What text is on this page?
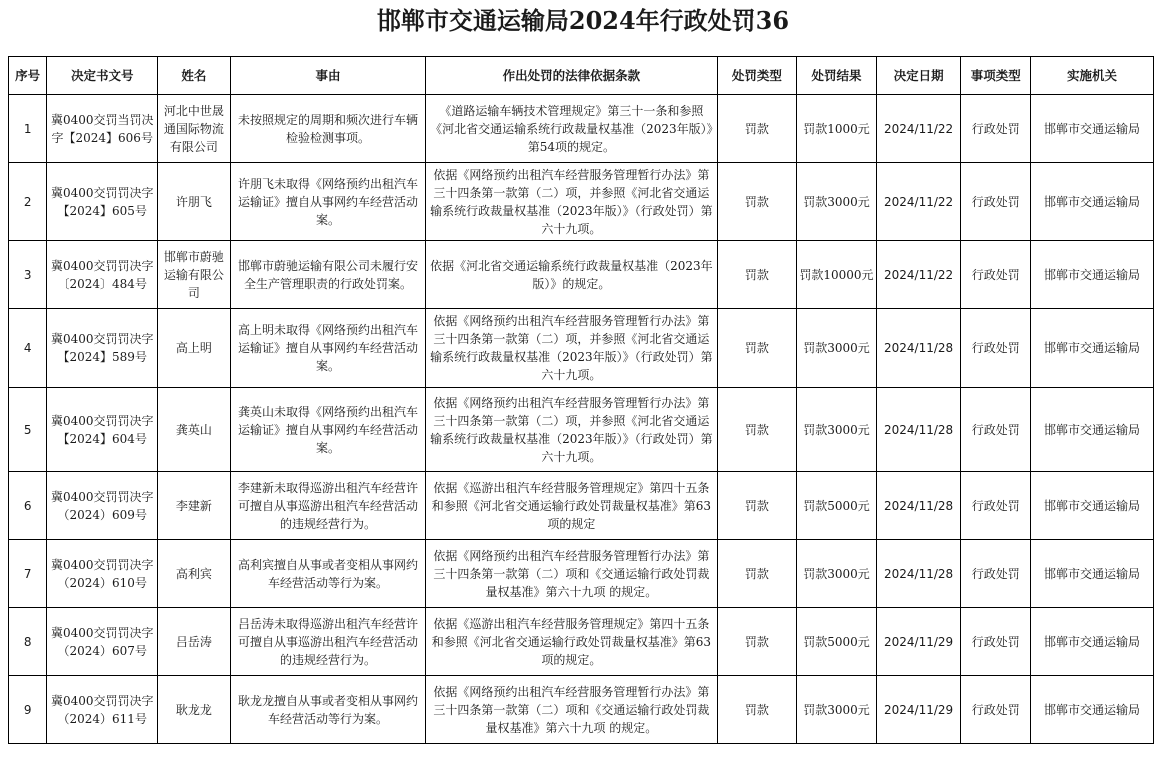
邯郸市交通运输局2024年行政处罚36
序号	决定书文号	姓名	事由	作出处罚的法律依据条款	处罚类型	处罚结果	决定日期	事项类型	实施机关
1	冀0400交罚当罚决字【2024】606号	河北中世晟通国际物流有限公司	未按照规定的周期和频次进行车辆检验检测事项。	《道路运输车辆技术管理规定》第三十一条和参照《河北省交通运输系统行政裁量权基准（2023年版）》第54项的规定。	罚款	罚款1000元	2024/11/22	行政处罚	邯郸市交通运输局
2	冀0400交罚罚决字【2024】605号	许朋飞	许朋飞未取得《网络预约出租汽车运输证》擅自从事网约车经营活动案。	依据《网络预约出租汽车经营服务管理暂行办法》第三十四条第一款第（二）项，并参照《河北省交通运输系统行政裁量权基准（2023年版）》（行政处罚）第六十九项。	罚款	罚款3000元	2024/11/22	行政处罚	邯郸市交通运输局
3	冀0400交罚罚决字〔2024〕484号	邯郸市蔚驰运输有限公司	邯郸市蔚驰运输有限公司未履行安全生产管理职责的行政处罚案。	依据《河北省交通运输系统行政裁量权基准（2023年版）》的规定。	罚款	罚款10000元	2024/11/22	行政处罚	邯郸市交通运输局
4	冀0400交罚罚决字【2024】589号	高上明	高上明未取得《网络预约出租汽车运输证》擅自从事网约车经营活动案。	依据《网络预约出租汽车经营服务管理暂行办法》第三十四条第一款第（二）项，并参照《河北省交通运输系统行政裁量权基准（2023年版）》（行政处罚）第六十九项。	罚款	罚款3000元	2024/11/28	行政处罚	邯郸市交通运输局
5	冀0400交罚罚决字【2024】604号	龚英山	龚英山未取得《网络预约出租汽车运输证》擅自从事网约车经营活动案。	依据《网络预约出租汽车经营服务管理暂行办法》第三十四条第一款第（二）项，并参照《河北省交通运输系统行政裁量权基准（2023年版）》（行政处罚）第六十九项。	罚款	罚款3000元	2024/11/28	行政处罚	邯郸市交通运输局
6	冀0400交罚罚决字（2024）609号	李建新	李建新未取得巡游出租汽车经营许可擅自从事巡游出租汽车经营活动的违规经营行为。	依据《巡游出租汽车经营服务管理规定》第四十五条和参照《河北省交通运输行政处罚裁量权基准》第63项的规定	罚款	罚款5000元	2024/11/28	行政处罚	邯郸市交通运输局
7	冀0400交罚罚决字（2024）610号	高利宾	高利宾擅自从事或者变相从事网约车经营活动等行为案。	依据《网络预约出租汽车经营服务管理暂行办法》第三十四条第一款第（二）项和《交通运输行政处罚裁量权基准》第六十九项 的规定。	罚款	罚款3000元	2024/11/28	行政处罚	邯郸市交通运输局
8	冀0400交罚罚决字（2024）607号	吕岳涛	吕岳涛未取得巡游出租汽车经营许可擅自从事巡游出租汽车经营活动的违规经营行为。	依据《巡游出租汽车经营服务管理规定》第四十五条和参照《河北省交通运输行政处罚裁量权基准》第63项的规定。	罚款	罚款5000元	2024/11/29	行政处罚	邯郸市交通运输局
9	冀0400交罚罚决字（2024）611号	耿龙龙	耿龙龙擅自从事或者变相从事网约车经营活动等行为案。	依据《网络预约出租汽车经营服务管理暂行办法》第三十四条第一款第（二）项和《交通运输行政处罚裁量权基准》第六十九项 的规定。	罚款	罚款3000元	2024/11/29	行政处罚	邯郸市交通运输局
